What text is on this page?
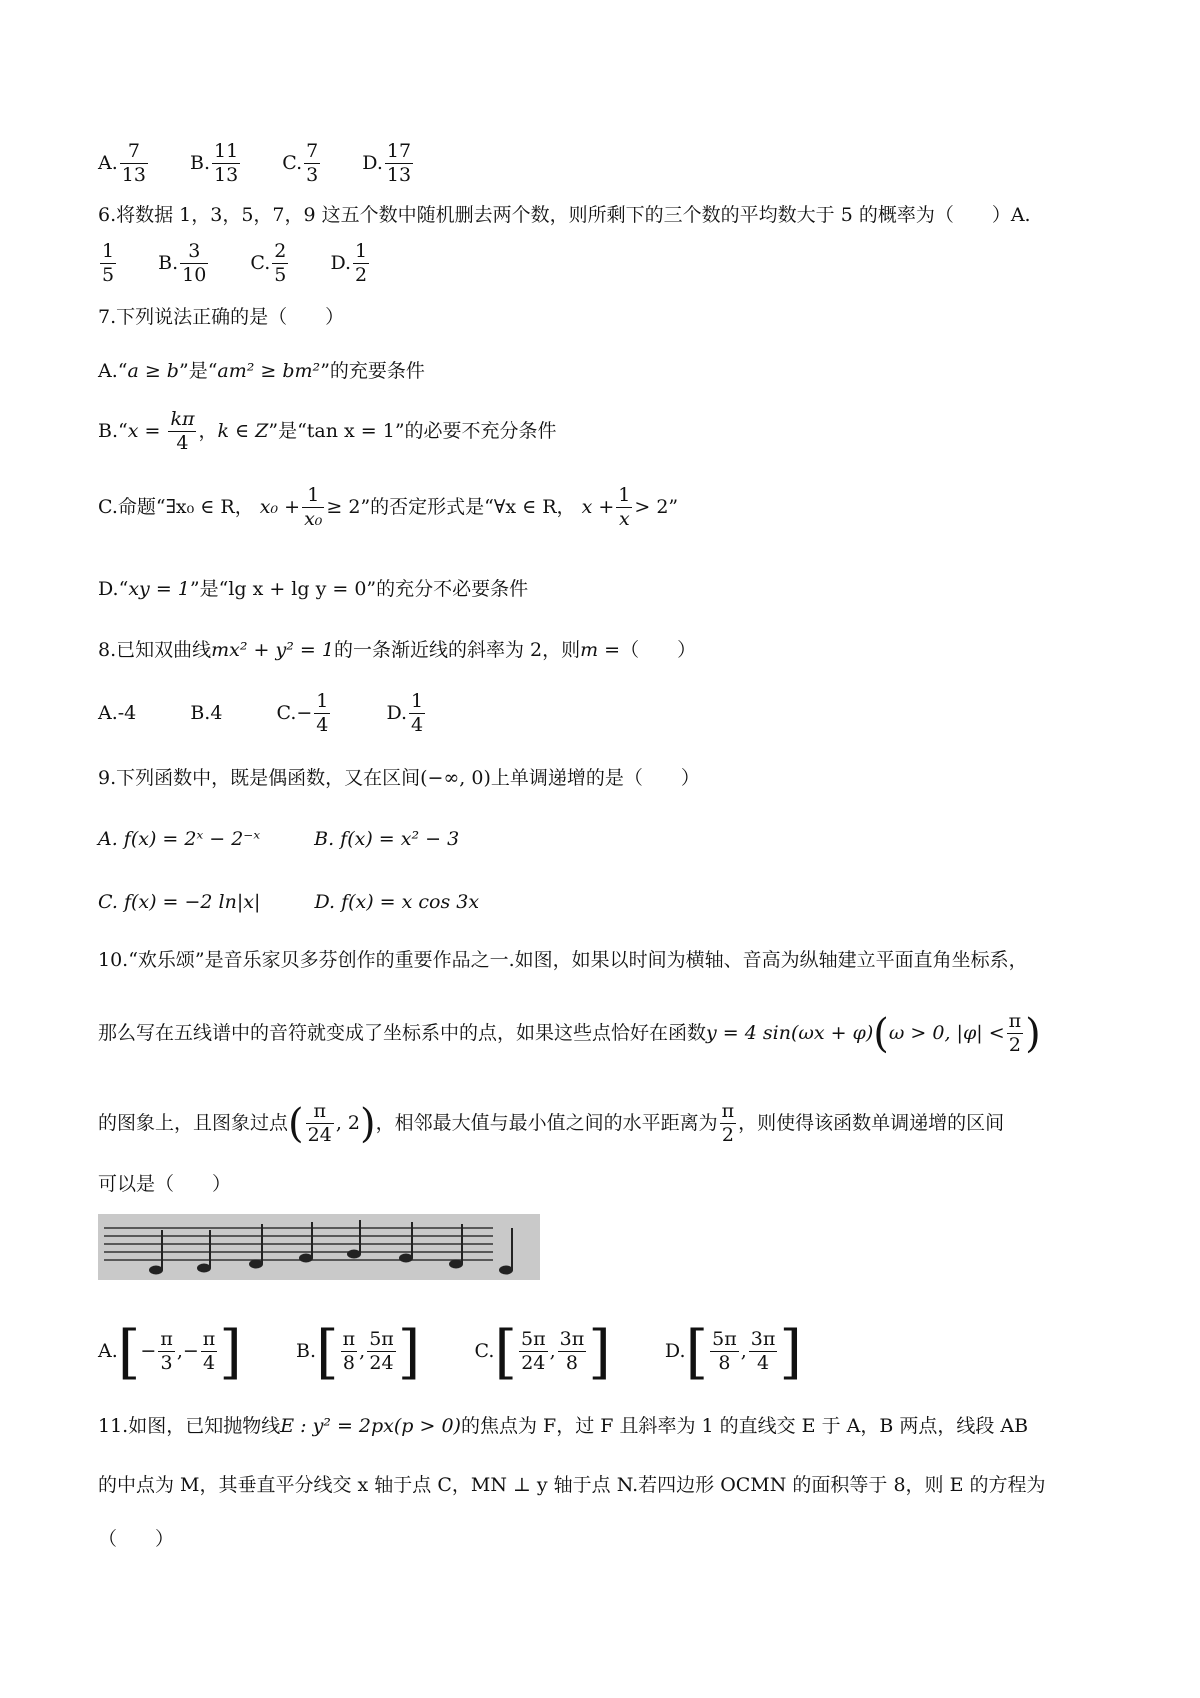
A. $\frac{7}{13} B$. $\frac{11}{13} C$. $\frac{7}{3} D$. $\frac{17}{13}$
6.将数据 1，3，5，7，9 这五个数中随机删去两个数，则所剩下的三个数的平均数大于 5 的概率为（　　）A.
$\frac{1}{5} B$. $\frac{3}{10} C$. $\frac{2}{5} D$. $\frac{1}{2}$
7.下列说法正确的是（　　）
A.“a ≥ b”是“am² ≥ bm²”的充要条件
B.“x = $\frac{k\pi}{4}$ ，k ∈ Z”是“tan x = 1”的必要不充分条件
C.命题“∃x₀ ∈ R， $x_0 + \frac{1}{\text{x₀}} \ge 2$”的否定形式是“∀x ∈ R， $x + \frac{1}{x} > 2$”
D.“xy = 1”是“lg x + lg y = 0”的充分不必要条件
8.已知双曲线mx² + y² = 1的一条渐近线的斜率为 2，则m =（　　）
A.-4	B.4	$C.- \frac{1}{4}$	D. $\frac{1}{4}$
9.下列函数中，既是偶函数，又在区间(−∞, 0)上单调递增的是（　　）
A. f(x) = 2ˣ − 2⁻ˣ	B. f(x) = x² − 3
C. f(x) = −2 ln|x|	D. f(x) = x cos 3x
10.“欢乐颂”是音乐家贝多芬创作的重要作品之一.如图，如果以时间为横轴、音高为纵轴建立平面直角坐标系，
那么写在五线谱中的音符就变成了坐标系中的点，如果这些点恰好在函数y = 4 sin(ωx + φ)(ω > 0, $|\varphi| < \frac{\pi}{2}$ )
的图象上，且图象过点( $\frac{\pi}{24}$ , 2)，相邻最大值与最小值之间的水平距离为 $\frac{\pi}{2}$ ，则使得该函数单调递增的区间
可以是（　　）
$A.[- \frac{\pi}{3}$ ,− $\frac{\pi}{4}$ ]	$B.[ \frac{\pi}{8}$ , $\frac{5\pi}{24}$ ]	$C.[ \frac{5\pi}{24}$ , $\frac{3\pi}{8}$ ]	$D.[ \frac{5\pi}{8}$ , $\frac{3\pi}{4}$ ]
11.如图，已知抛物线E : y² = 2px(p > 0)的焦点为 F，过 F 且斜率为 1 的直线交 E 于 A，B 两点，线段 AB
的中点为 M，其垂直平分线交 x 轴于点 C，MN ⊥ y 轴于点 N.若四边形 OCMN 的面积等于 8，则 E 的方程为
（　　）
